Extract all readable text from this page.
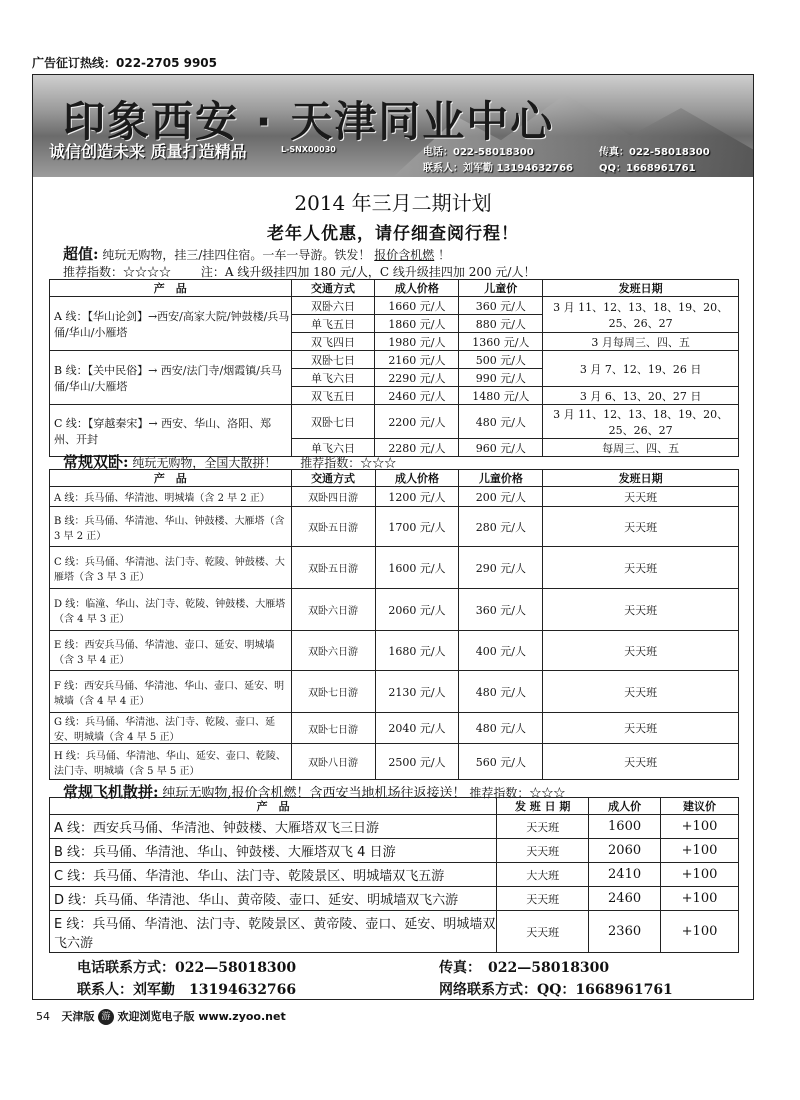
广告征订热线：022-2705 9905
印象西安 · 天津同业中心
诚信创造未来 质量打造精品	L-SNX00030	电话：022-58018300	传真：022-58018300
联系人：刘军勤 13194632766	QQ：1668961761
2014 年三月二期计划
老年人优惠，请仔细查阅行程！
超值: 纯玩无购物，挂三/挂四住宿。一车一导游。铁发！ 报价含机燃 ！
推荐指数：☆☆☆☆ 注：A 线升级挂四加 180 元/人，C 线升级挂四加 200 元/人！
产　品	交通方式	成人价格	儿童价	发班日期
A 线：【华山论剑】→西安/高家大院/钟鼓楼/兵马俑/华山/小雁塔	双卧六日	1660 元/人	360 元/人	3 月 11、12、13、18、19、20、25、26、27
	单飞五日	1860 元/人	880 元/人	
	双飞四日	1980 元/人	1360 元/人	3 月每周三、四、五
B 线：【关中民俗】→ 西安/法门寺/烟霞镇/兵马俑/华山/大雁塔	双卧七日	2160 元/人	500 元/人	3 月 7、12、19、26 日
	单飞六日	2290 元/人	990 元/人	
	双飞五日	2460 元/人	1480 元/人	3 月 6、13、20、27 日
C 线：【穿越秦宋】→ 西安、华山、洛阳、郑州、开封	双卧七日	2200 元/人	480 元/人	3 月 11、12、13、18、19、20、25、26、27
	单飞六日	2280 元/人	960 元/人	每周三、四、五
常规双卧: 纯玩无购物，全国大散拼！ 推荐指数：☆☆☆
产　品	交通方式	成人价格	儿童价格	发班日期
A 线：兵马俑、华清池、明城墙（含 2 早 2 正）	双卧四日游	1200 元/人	200 元/人	天天班
B 线：兵马俑、华清池、华山、钟鼓楼、大雁塔（含 3 早 2 正）	双卧五日游	1700 元/人	280 元/人	天天班
C 线：兵马俑、华清池、法门寺、乾陵、钟鼓楼、大雁塔（含 3 早 3 正）	双卧五日游	1600 元/人	290 元/人	天天班
D 线：临潼、华山、法门寺、乾陵、钟鼓楼、大雁塔（含 4 早 3 正）	双卧六日游	2060 元/人	360 元/人	天天班
E 线：西安兵马俑、华清池、壶口、延安、明城墙（含 3 早 4 正）	双卧六日游	1680 元/人	400 元/人	天天班
F 线：西安兵马俑、华清池、华山、壶口、延安、明城墙（含 4 早 4 正）	双卧七日游	2130 元/人	480 元/人	天天班
G 线：兵马俑、华清池、法门寺、乾陵、壶口、延安、明城墙（含 4 早 5 正）	双卧七日游	2040 元/人	480 元/人	天天班
H 线：兵马俑、华清池、华山、延安、壶口、乾陵、法门寺、明城墙（含 5 早 5 正）	双卧八日游	2500 元/人	560 元/人	天天班
常规飞机散拼: 纯玩无购物,报价含机燃！含西安当地机场往返接送！ 推荐指数：☆☆☆
产　品	发 班 日 期	成人价	建议价
A 线：西安兵马俑、华清池、钟鼓楼、大雁塔双飞三日游	天天班	1600	+100
B 线：兵马俑、华清池、华山、钟鼓楼、大雁塔双飞 4 日游	天天班	2060	+100
C 线：兵马俑、华清池、华山、法门寺、乾陵景区、明城墙双飞五游	大大班	2410	+100
D 线：兵马俑、华清池、华山、黄帝陵、壶口、延安、明城墙双飞六游	天天班	2460	+100
E 线：兵马俑、华清池、法门寺、乾陵景区、黄帝陵、壶口、延安、明城墙双飞六游	天天班	2360	+100
电话联系方式：022—58018300	传真：　022—58018300
联系人：刘军勤　13194632766	网络联系方式：QQ：1668961761
54 天津版 游 欢迎浏览电子版 www.zyoo.net
